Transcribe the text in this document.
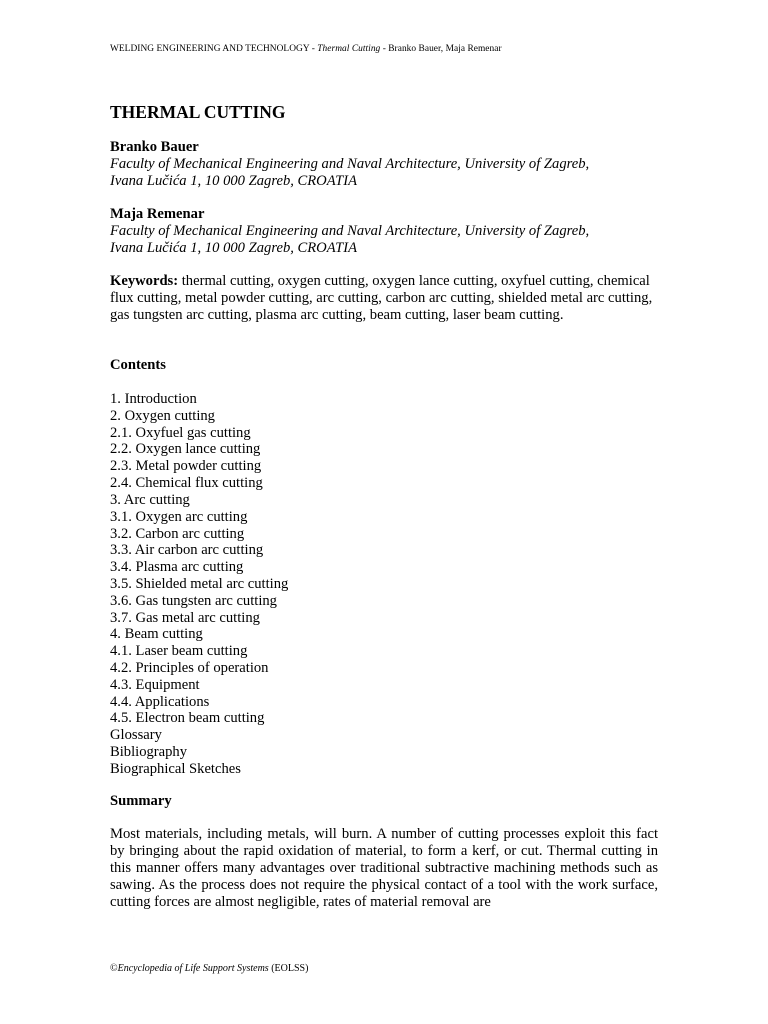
WELDING ENGINEERING AND TECHNOLOGY - Thermal Cutting - Branko Bauer, Maja Remenar
THERMAL CUTTING
Branko Bauer
Faculty of Mechanical Engineering and Naval Architecture, University of Zagreb,
Ivana Lučića 1, 10 000 Zagreb, CROATIA
Maja Remenar
Faculty of Mechanical Engineering and Naval Architecture, University of Zagreb,
Ivana Lučića 1, 10 000 Zagreb, CROATIA

Keywords: thermal cutting, oxygen cutting, oxygen lance cutting, oxyfuel cutting, chemical flux cutting, metal powder cutting, arc cutting, carbon arc cutting, shielded metal arc cutting, gas tungsten arc cutting, plasma arc cutting, beam cutting, laser beam cutting.

Contents
1. Introduction
2. Oxygen cutting
2.1. Oxyfuel gas cutting
2.2. Oxygen lance cutting
2.3. Metal powder cutting
2.4. Chemical flux cutting
3. Arc cutting
3.1. Oxygen arc cutting
3.2. Carbon arc cutting
3.3. Air carbon arc cutting
3.4. Plasma arc cutting
3.5. Shielded metal arc cutting
3.6. Gas tungsten arc cutting
3.7. Gas metal arc cutting
4. Beam cutting
4.1. Laser beam cutting
4.2. Principles of operation
4.3. Equipment
4.4. Applications
4.5. Electron beam cutting
Glossary
Bibliography
Biographical Sketches
Summary

Most materials, including metals, will burn. A number of cutting processes exploit this fact by bringing about the rapid oxidation of material, to form a kerf, or cut. Thermal cutting in this manner offers many advantages over traditional subtractive machining methods such as sawing. As the process does not require the physical contact of a tool with the work surface, cutting forces are almost negligible, rates of material removal are

©Encyclopedia of Life Support Systems (EOLSS)
